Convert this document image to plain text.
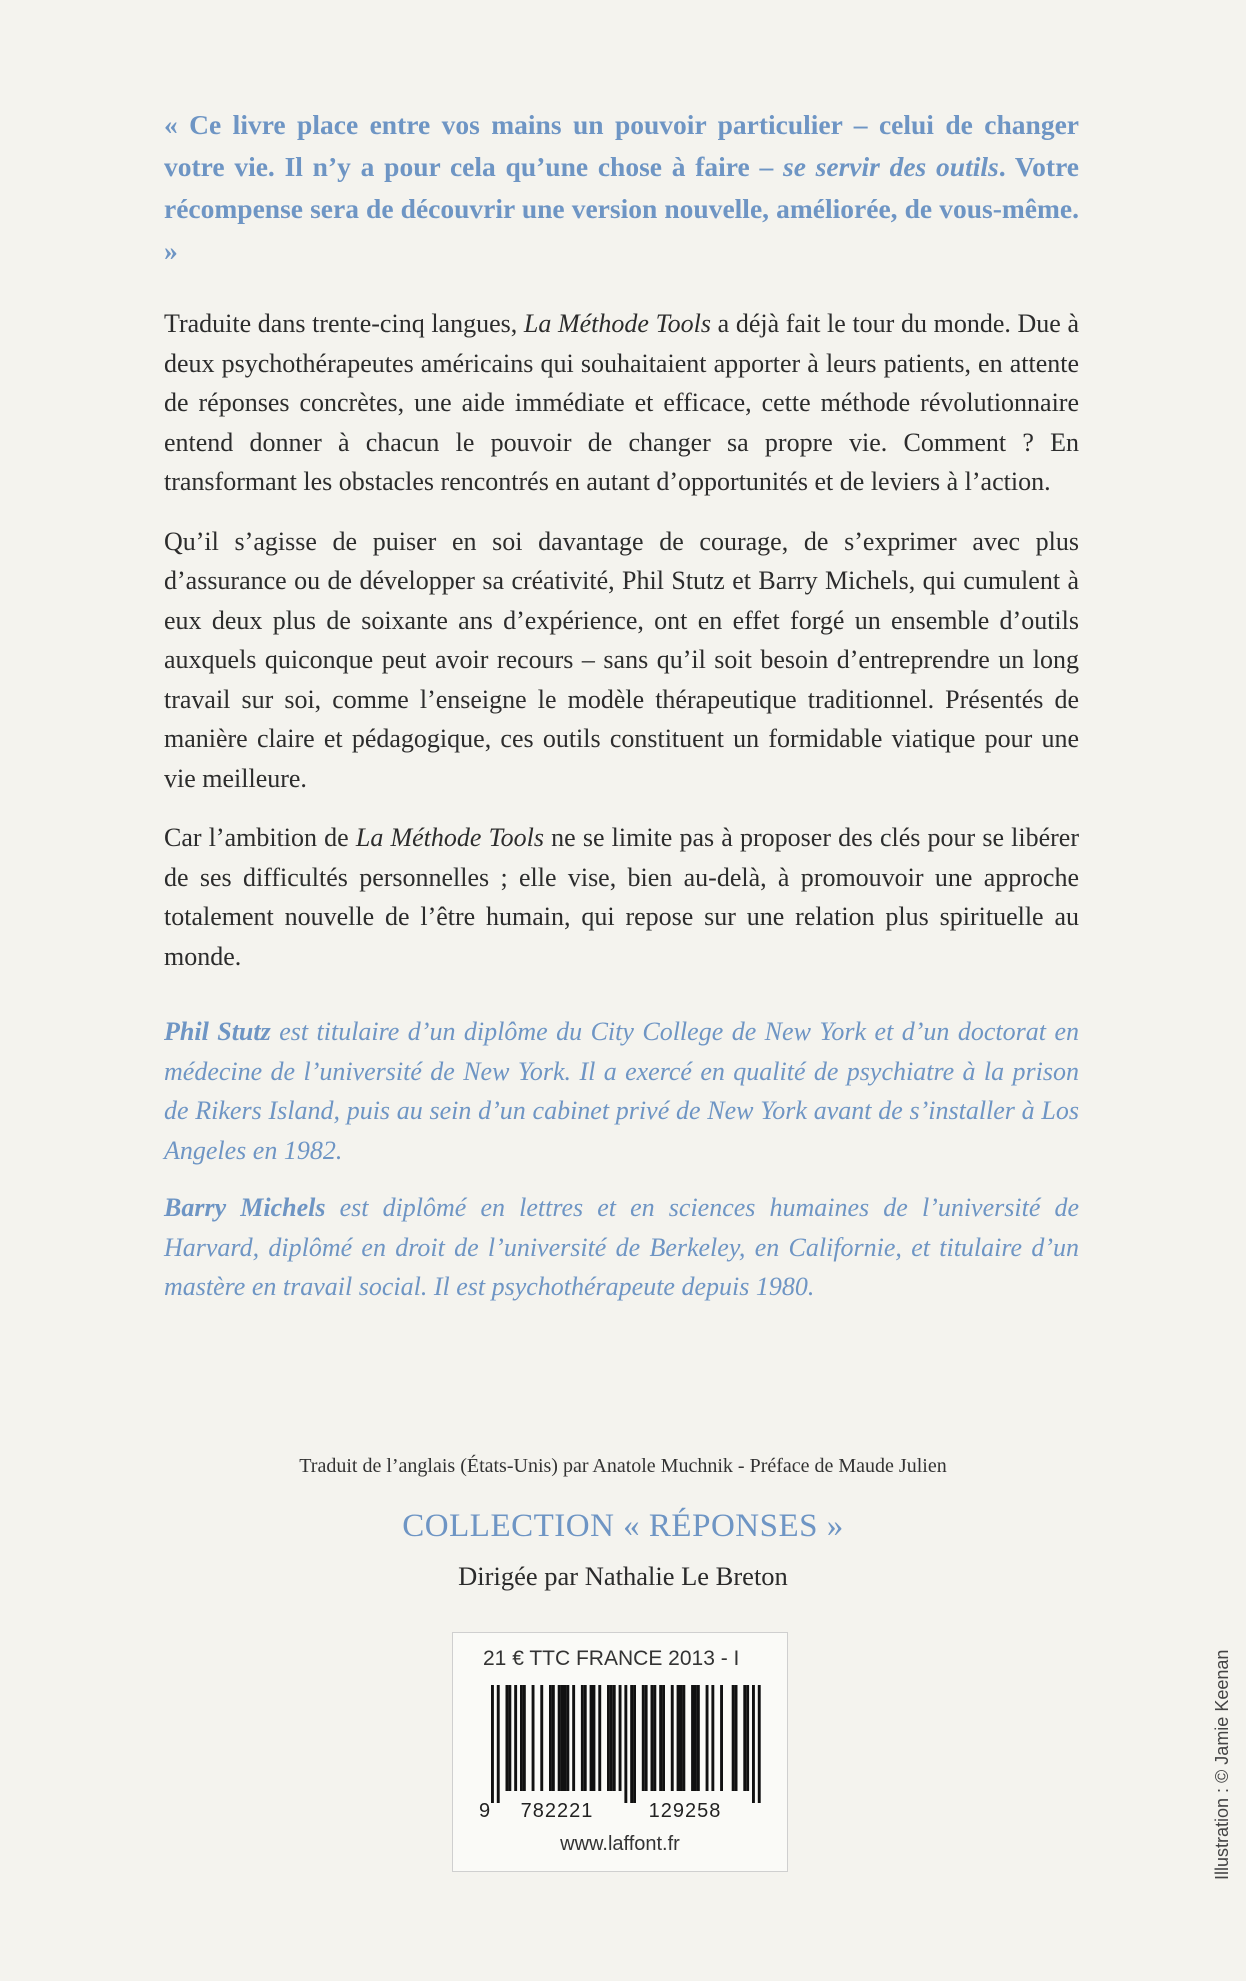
« Ce livre place entre vos mains un pouvoir particulier – celui de changer votre vie. Il n’y a pour cela qu’une chose à faire – se servir des outils. Votre récompense sera de découvrir une version nouvelle, améliorée, de vous-même. »

Traduite dans trente-cinq langues, La Méthode Tools a déjà fait le tour du monde. Due à deux psychothérapeutes américains qui souhaitaient apporter à leurs patients, en attente de réponses concrètes, une aide immédiate et efficace, cette méthode révolutionnaire entend donner à chacun le pouvoir de changer sa propre vie. Comment ? En transformant les obstacles rencontrés en autant d’opportunités et de leviers à l’action.

Qu’il s’agisse de puiser en soi davantage de courage, de s’exprimer avec plus d’assurance ou de développer sa créativité, Phil Stutz et Barry Michels, qui cumulent à eux deux plus de soixante ans d’expérience, ont en effet forgé un ensemble d’outils auxquels quiconque peut avoir recours – sans qu’il soit besoin d’entreprendre un long travail sur soi, comme l’enseigne le modèle thérapeutique traditionnel. Présentés de manière claire et pédagogique, ces outils constituent un formidable viatique pour une vie meilleure.

Car l’ambition de La Méthode Tools ne se limite pas à proposer des clés pour se libérer de ses difficultés personnelles ; elle vise, bien au-delà, à promouvoir une approche totalement nouvelle de l’être humain, qui repose sur une relation plus spirituelle au monde.

Phil Stutz est titulaire d’un diplôme du City College de New York et d’un doctorat en médecine de l’université de New York. Il a exercé en qualité de psychiatre à la prison de Rikers Island, puis au sein d’un cabinet privé de New York avant de s’installer à Los Angeles en 1982.

Barry Michels est diplômé en lettres et en sciences humaines de l’université de Harvard, diplômé en droit de l’université de Berkeley, en Californie, et titulaire d’un mastère en travail social. Il est psychothérapeute depuis 1980.

Traduit de l’anglais (États-Unis) par Anatole Muchnik - Préface de Maude Julien
COLLECTION « RÉPONSES »
Dirigée par Nathalie Le Breton
21 € TTC FRANCE 2013 - I
9 782221	129258
www.laffont.fr	Illustration : © Jamie Keenan
